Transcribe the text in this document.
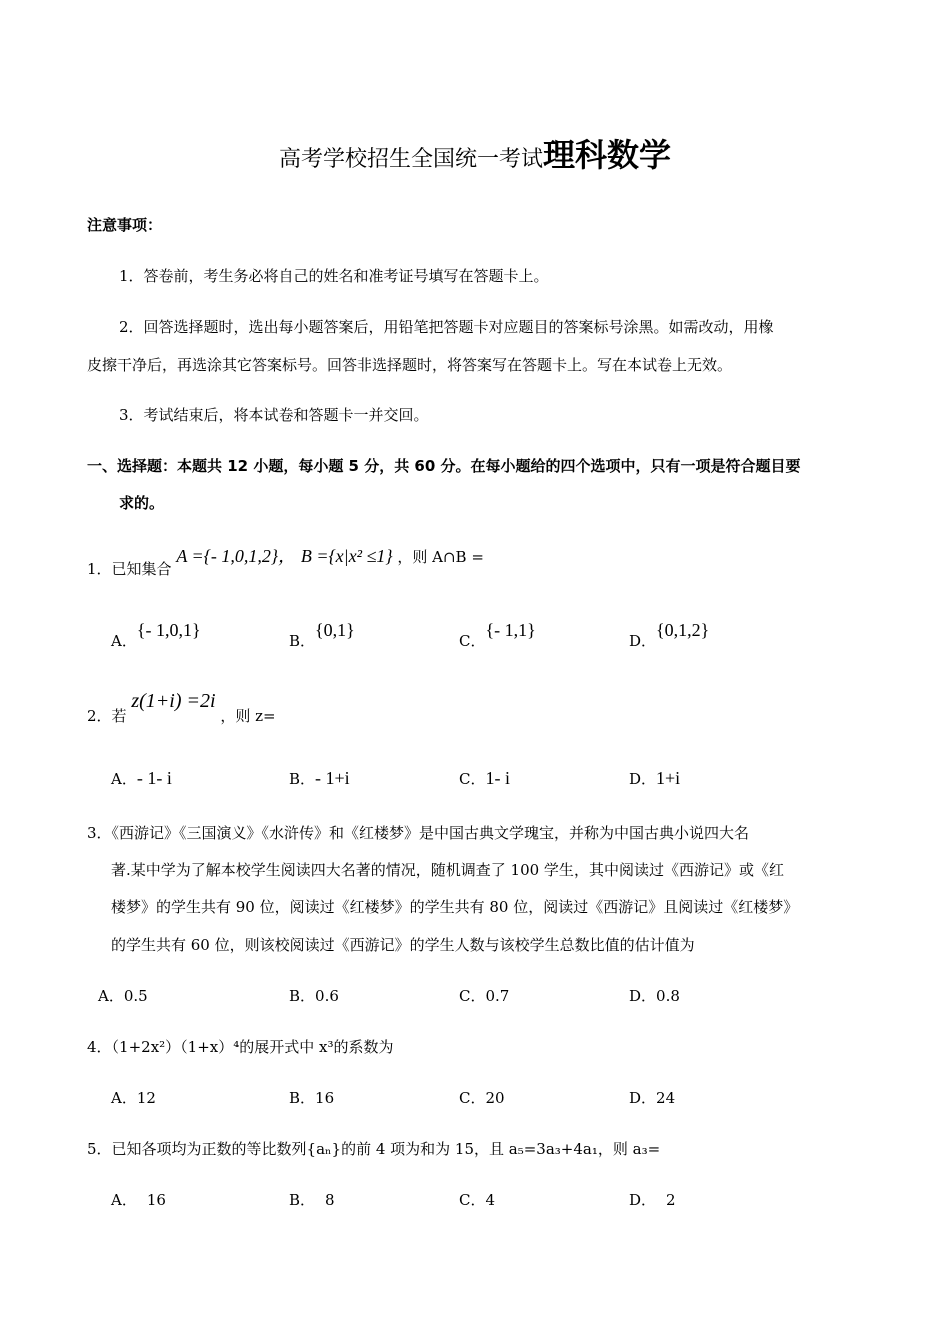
高考学校招生全国统一考试理科数学
注意事项：
1．答卷前，考生务必将自己的姓名和准考证号填写在答题卡上。
2．回答选择题时，选出每小题答案后，用铅笔把答题卡对应题目的答案标号涂黑。如需改动，用橡
皮擦干净后，再选涂其它答案标号。回答非选择题时，将答案写在答题卡上。写在本试卷上无效。
3．考试结束后，将本试卷和答题卡一并交回。
一、选择题：本题共 12 小题，每小题 5 分，共 60 分。在每小题给的四个选项中，只有一项是符合题目要
求的。
1．已知集合 A ={- 1,0,1,2}， B ={x|x² ≤1} ，则 A∩B =
A．{- 1,0,1}
B．{0,1}
C．{- 1,1}
D．{0,1,2}
2．若 z(1+i) =2i ，则 z=
A．- 1- i	B．- 1+i	C．1- i	D．1+i
3．《西游记》《三国演义》《水浒传》和《红楼梦》是中国古典文学瑰宝，并称为中国古典小说四大名
著.某中学为了解本校学生阅读四大名著的情况，随机调查了 100 学生，其中阅读过《西游记》或《红
楼梦》的学生共有 90 位，阅读过《红楼梦》的学生共有 80 位，阅读过《西游记》且阅读过《红楼梦》
的学生共有 60 位，则该校阅读过《西游记》的学生人数与该校学生总数比值的估计值为
A．0.5	B．0.6	C．0.7	D．0.8
4．（1+2x²）（1+x）⁴的展开式中 x³的系数为
A．12	B．16	C．20	D．24
5．已知各项均为正数的等比数列{aₙ}的前 4 项为和为 15，且 a₅=3a₃+4a₁，则 a₃=
A． 16	B． 8	C．4	D． 2
